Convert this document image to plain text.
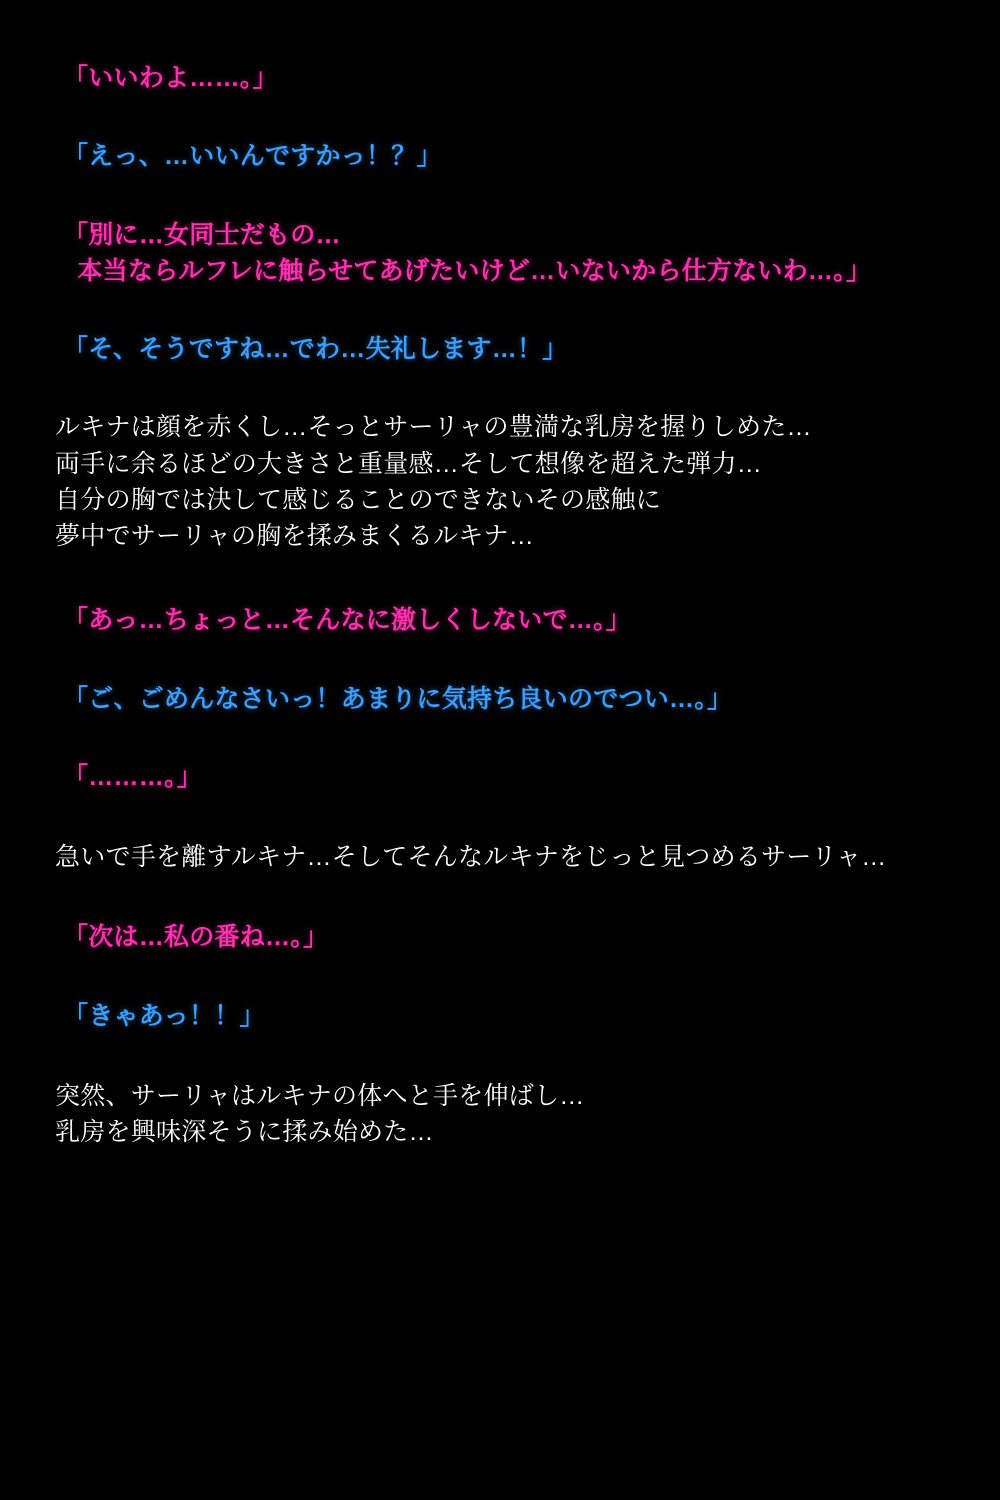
「いいわよ……。」
「えっ、…いいんですかっ！？」
「別に…女同士だもの…
本当ならルフレに触らせてあげたいけど…いないから仕方ないわ…。」
「そ、そうですね…でわ…失礼します…！」
ルキナは顔を赤くし…そっとサーリャの豊満な乳房を握りしめた…
両手に余るほどの大きさと重量感…そして想像を超えた弾力…
自分の胸では決して感じることのできないその感触に
夢中でサーリャの胸を揉みまくるルキナ…
「あっ…ちょっと…そんなに激しくしないで…。」
「ご、ごめんなさいっ！あまりに気持ち良いのでつい…。」
「………。」
急いで手を離すルキナ…そしてそんなルキナをじっと見つめるサーリャ…
「次は…私の番ね…。」
「きゃあっ！！」
突然、サーリャはルキナの体へと手を伸ばし…
乳房を興味深そうに揉み始めた…
